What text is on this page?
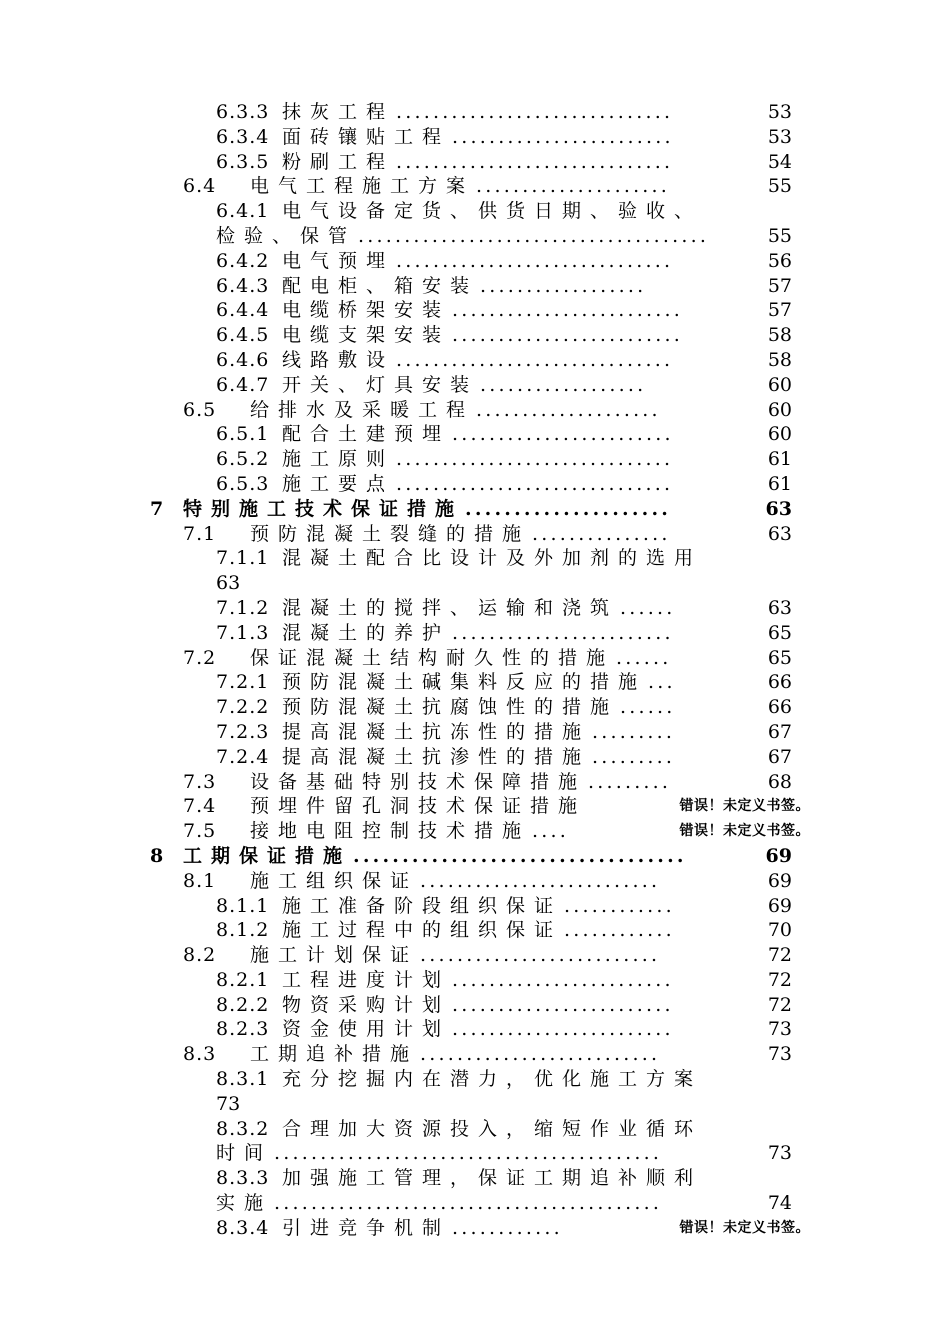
6.3.3 抹灰工程 ..............................	53
6.3.4 面砖镶贴工程 ........................	53
6.3.5 粉刷工程 ..............................	54
6.4 电气工程施工方案 .....................	55
6.4.1 电气设备定货、供货日期、验收、
检验、保管 ......................................	55
6.4.2 电气预埋 ..............................	56
6.4.3 配电柜、箱安装 ..................	57
6.4.4 电缆桥架安装 .........................	57
6.4.5 电缆支架安装 .........................	58
6.4.6 线路敷设 ..............................	58
6.4.7 开关、灯具安装 ..................	60
6.5 给排水及采暖工程 ....................	60
6.5.1 配合土建预埋 ........................	60
6.5.2 施工原则 ..............................	61
6.5.3 施工要点 ..............................	61
7 特别施工技术保证措施 .....................	63
7.1 预防混凝土裂缝的措施 ...............	63
7.1.1 混凝土配合比设计及外加剂的选用
63
7.1.2 混凝土的搅拌、运输和浇筑 ......	63
7.1.3 混凝土的养护 ........................	65
7.2 保证混凝土结构耐久性的措施 ......	65
7.2.1 预防混凝土碱集料反应的措施 ...	66
7.2.2 预防混凝土抗腐蚀性的措施 ......	66
7.2.3 提高混凝土抗冻性的措施 .........	67
7.2.4 提高混凝土抗渗性的措施 .........	67
7.3 设备基础特别技术保障措施 .........	68
7.4 预埋件留孔洞技术保证措施	错误！未定义书签。
7.5 接地电阻控制技术措施 ....	错误！未定义书签。
8 工期保证措施 ..................................	69
8.1 施工组织保证 ..........................	69
8.1.1 施工准备阶段组织保证 ............	69
8.1.2 施工过程中的组织保证 ............	70
8.2 施工计划保证 ..........................	72
8.2.1 工程进度计划 ........................	72
8.2.2 物资采购计划 ........................	72
8.2.3 资金使用计划 ........................	73
8.3 工期追补措施 ..........................	73
8.3.1 充分挖掘内在潜力，优化施工方案
73
8.3.2 合理加大资源投入，缩短作业循环
时间 ..........................................	73
8.3.3 加强施工管理，保证工期追补顺利
实施 ..........................................	74
8.3.4 引进竞争机制 ............	错误！未定义书签。
